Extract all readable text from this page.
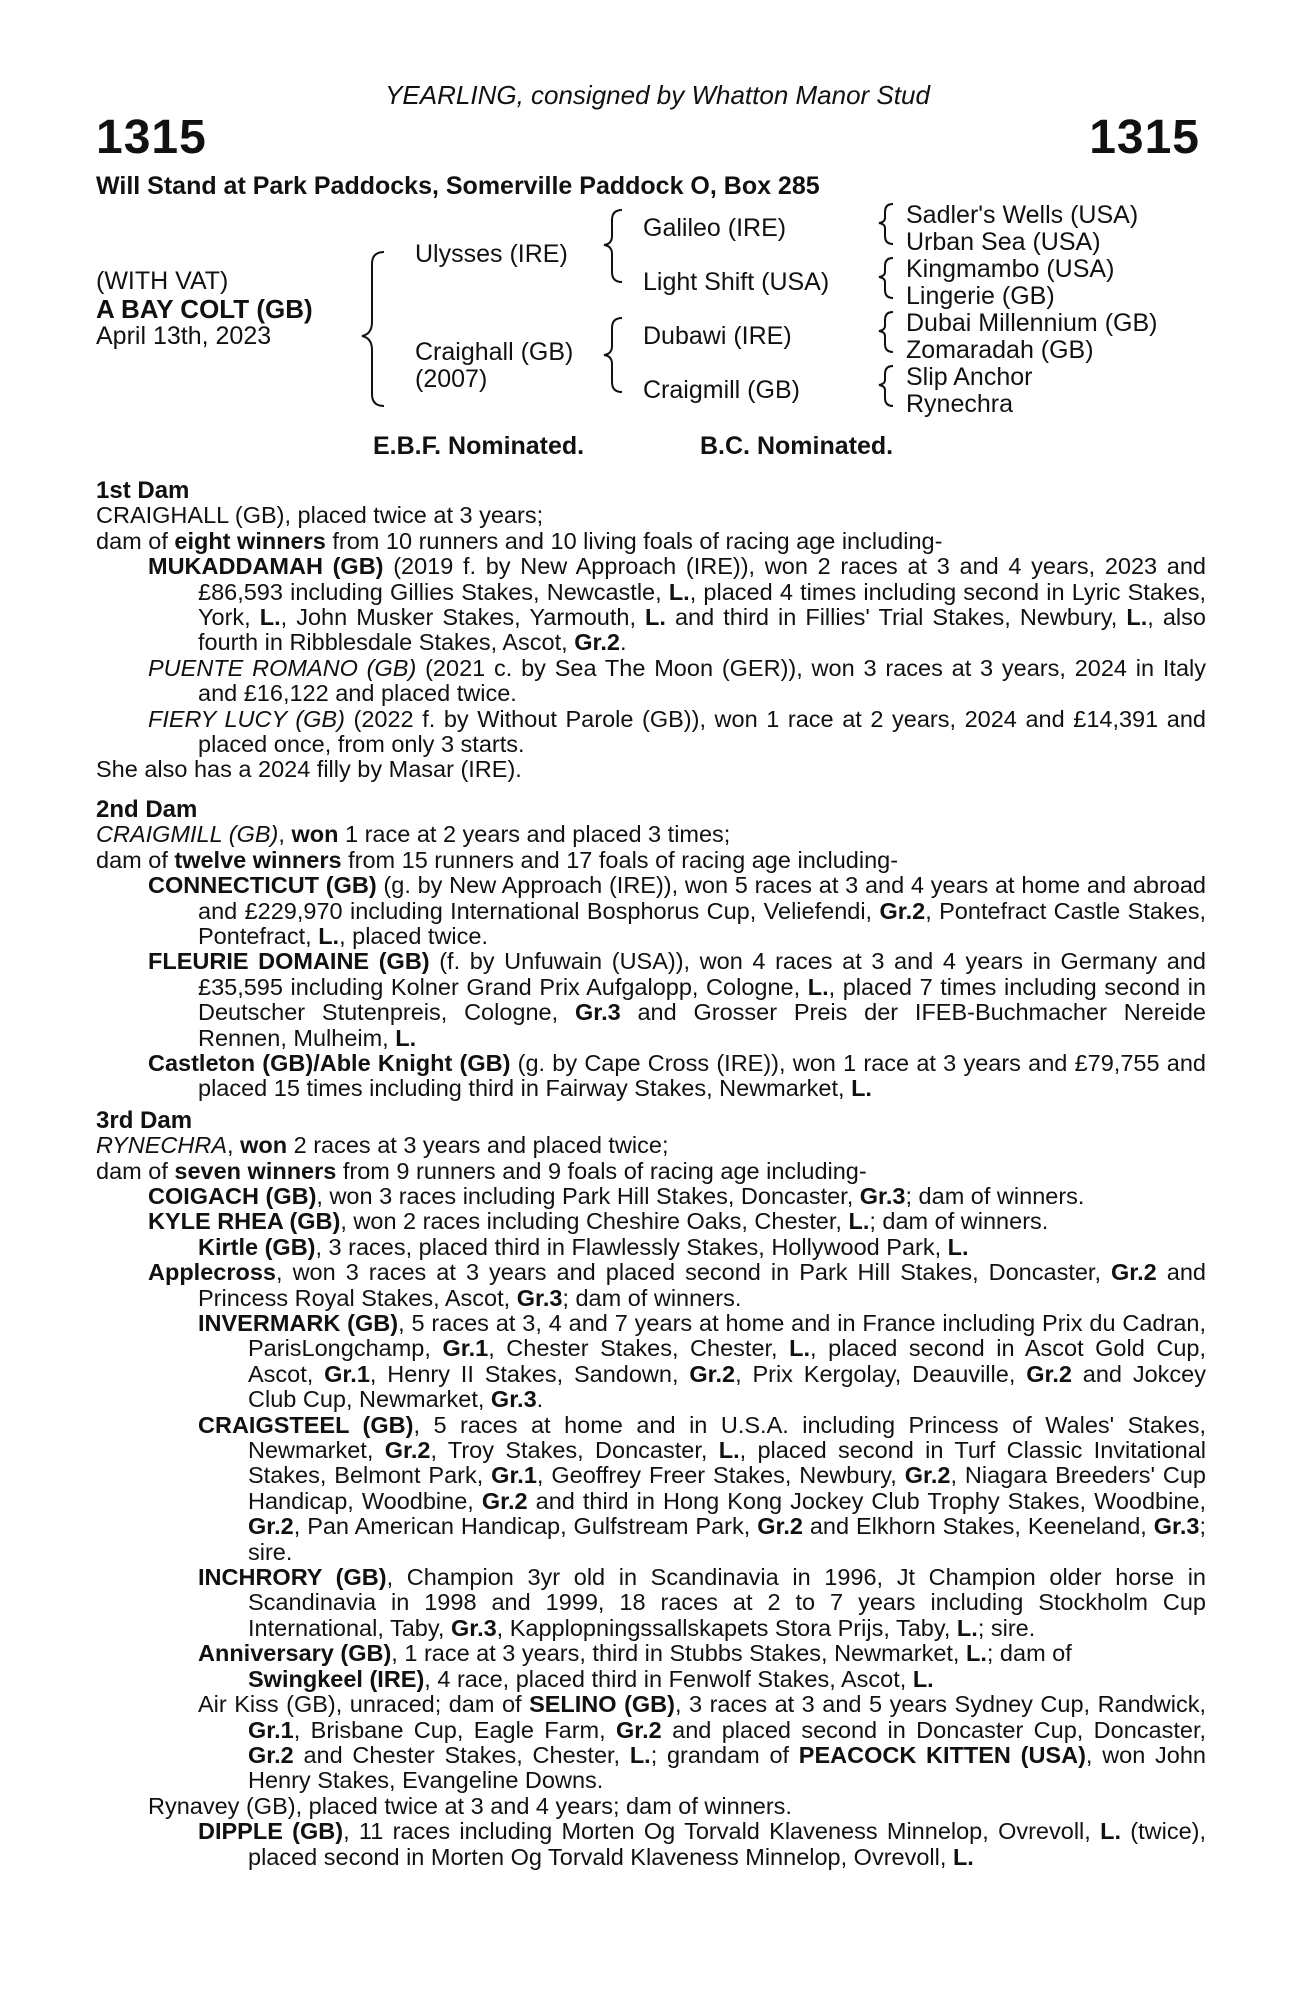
YEARLING, consigned by Whatton Manor Stud
1315	1315
Will Stand at Park Paddocks, Somerville Paddock O, Box 285
(WITH VAT)
A BAY COLT (GB)
April 13th, 2023
Ulysses (IRE)
Craighall (GB)
(2007)
Galileo (IRE)
Light Shift (USA)
Dubawi (IRE)
Craigmill (GB)
Sadler's Wells (USA)
Urban Sea (USA)
Kingmambo (USA)
Lingerie (GB)
Dubai Millennium (GB)
Zomaradah (GB)
Slip Anchor
Rynechra
E.B.F. Nominated.	B.C. Nominated.
1st Dam
CRAIGHALL (GB), placed twice at 3 years;
dam of eight winners from 10 runners and 10 living foals of racing age including-
MUKADDAMAH (GB) (2019 f. by New Approach (IRE)), won 2 races at 3 and 4 years, 2023 and £86,593 including Gillies Stakes, Newcastle, L., placed 4 times including second in Lyric Stakes, York, L., John Musker Stakes, Yarmouth, L. and third in Fillies' Trial Stakes, Newbury, L., also fourth in Ribblesdale Stakes, Ascot, Gr.2.
PUENTE ROMANO (GB) (2021 c. by Sea The Moon (GER)), won 3 races at 3 years, 2024 in Italy and £16,122 and placed twice.
FIERY LUCY (GB) (2022 f. by Without Parole (GB)), won 1 race at 2 years, 2024 and £14,391 and placed once, from only 3 starts.
She also has a 2024 filly by Masar (IRE).
2nd Dam
CRAIGMILL (GB), won 1 race at 2 years and placed 3 times;
dam of twelve winners from 15 runners and 17 foals of racing age including-
CONNECTICUT (GB) (g. by New Approach (IRE)), won 5 races at 3 and 4 years at home and abroad and £229,970 including International Bosphorus Cup, Veliefendi, Gr.2, Pontefract Castle Stakes, Pontefract, L., placed twice.
FLEURIE DOMAINE (GB) (f. by Unfuwain (USA)), won 4 races at 3 and 4 years in Germany and £35,595 including Kolner Grand Prix Aufgalopp, Cologne, L., placed 7 times including second in Deutscher Stutenpreis, Cologne, Gr.3 and Grosser Preis der IFEB-Buchmacher Nereide Rennen, Mulheim, L.
Castleton (GB)/Able Knight (GB) (g. by Cape Cross (IRE)), won 1 race at 3 years and £79,755 and placed 15 times including third in Fairway Stakes, Newmarket, L.
3rd Dam
RYNECHRA, won 2 races at 3 years and placed twice;
dam of seven winners from 9 runners and 9 foals of racing age including-
COIGACH (GB), won 3 races including Park Hill Stakes, Doncaster, Gr.3; dam of winners.
KYLE RHEA (GB), won 2 races including Cheshire Oaks, Chester, L.; dam of winners.
Kirtle (GB), 3 races, placed third in Flawlessly Stakes, Hollywood Park, L.
Applecross, won 3 races at 3 years and placed second in Park Hill Stakes, Doncaster, Gr.2 and Princess Royal Stakes, Ascot, Gr.3; dam of winners.
INVERMARK (GB), 5 races at 3, 4 and 7 years at home and in France including Prix du Cadran, ParisLongchamp, Gr.1, Chester Stakes, Chester, L., placed second in Ascot Gold Cup, Ascot, Gr.1, Henry II Stakes, Sandown, Gr.2, Prix Kergolay, Deauville, Gr.2 and Jokcey Club Cup, Newmarket, Gr.3.
CRAIGSTEEL (GB), 5 races at home and in U.S.A. including Princess of Wales' Stakes, Newmarket, Gr.2, Troy Stakes, Doncaster, L., placed second in Turf Classic Invitational Stakes, Belmont Park, Gr.1, Geoffrey Freer Stakes, Newbury, Gr.2, Niagara Breeders' Cup Handicap, Woodbine, Gr.2 and third in Hong Kong Jockey Club Trophy Stakes, Woodbine, Gr.2, Pan American Handicap, Gulfstream Park, Gr.2 and Elkhorn Stakes, Keeneland, Gr.3; sire.
INCHRORY (GB), Champion 3yr old in Scandinavia in 1996, Jt Champion older horse in Scandinavia in 1998 and 1999, 18 races at 2 to 7 years including Stockholm Cup International, Taby, Gr.3, Kapplopningssallskapets Stora Prijs, Taby, L.; sire.
Anniversary (GB), 1 race at 3 years, third in Stubbs Stakes, Newmarket, L.; dam of
Swingkeel (IRE), 4 race, placed third in Fenwolf Stakes, Ascot, L.
Air Kiss (GB), unraced; dam of SELINO (GB), 3 races at 3 and 5 years Sydney Cup, Randwick, Gr.1, Brisbane Cup, Eagle Farm, Gr.2 and placed second in Doncaster Cup, Doncaster, Gr.2 and Chester Stakes, Chester, L.; grandam of PEACOCK KITTEN (USA), won John Henry Stakes, Evangeline Downs.
Rynavey (GB), placed twice at 3 and 4 years; dam of winners.
DIPPLE (GB), 11 races including Morten Og Torvald Klaveness Minnelop, Ovrevoll, L. (twice), placed second in Morten Og Torvald Klaveness Minnelop, Ovrevoll, L.
